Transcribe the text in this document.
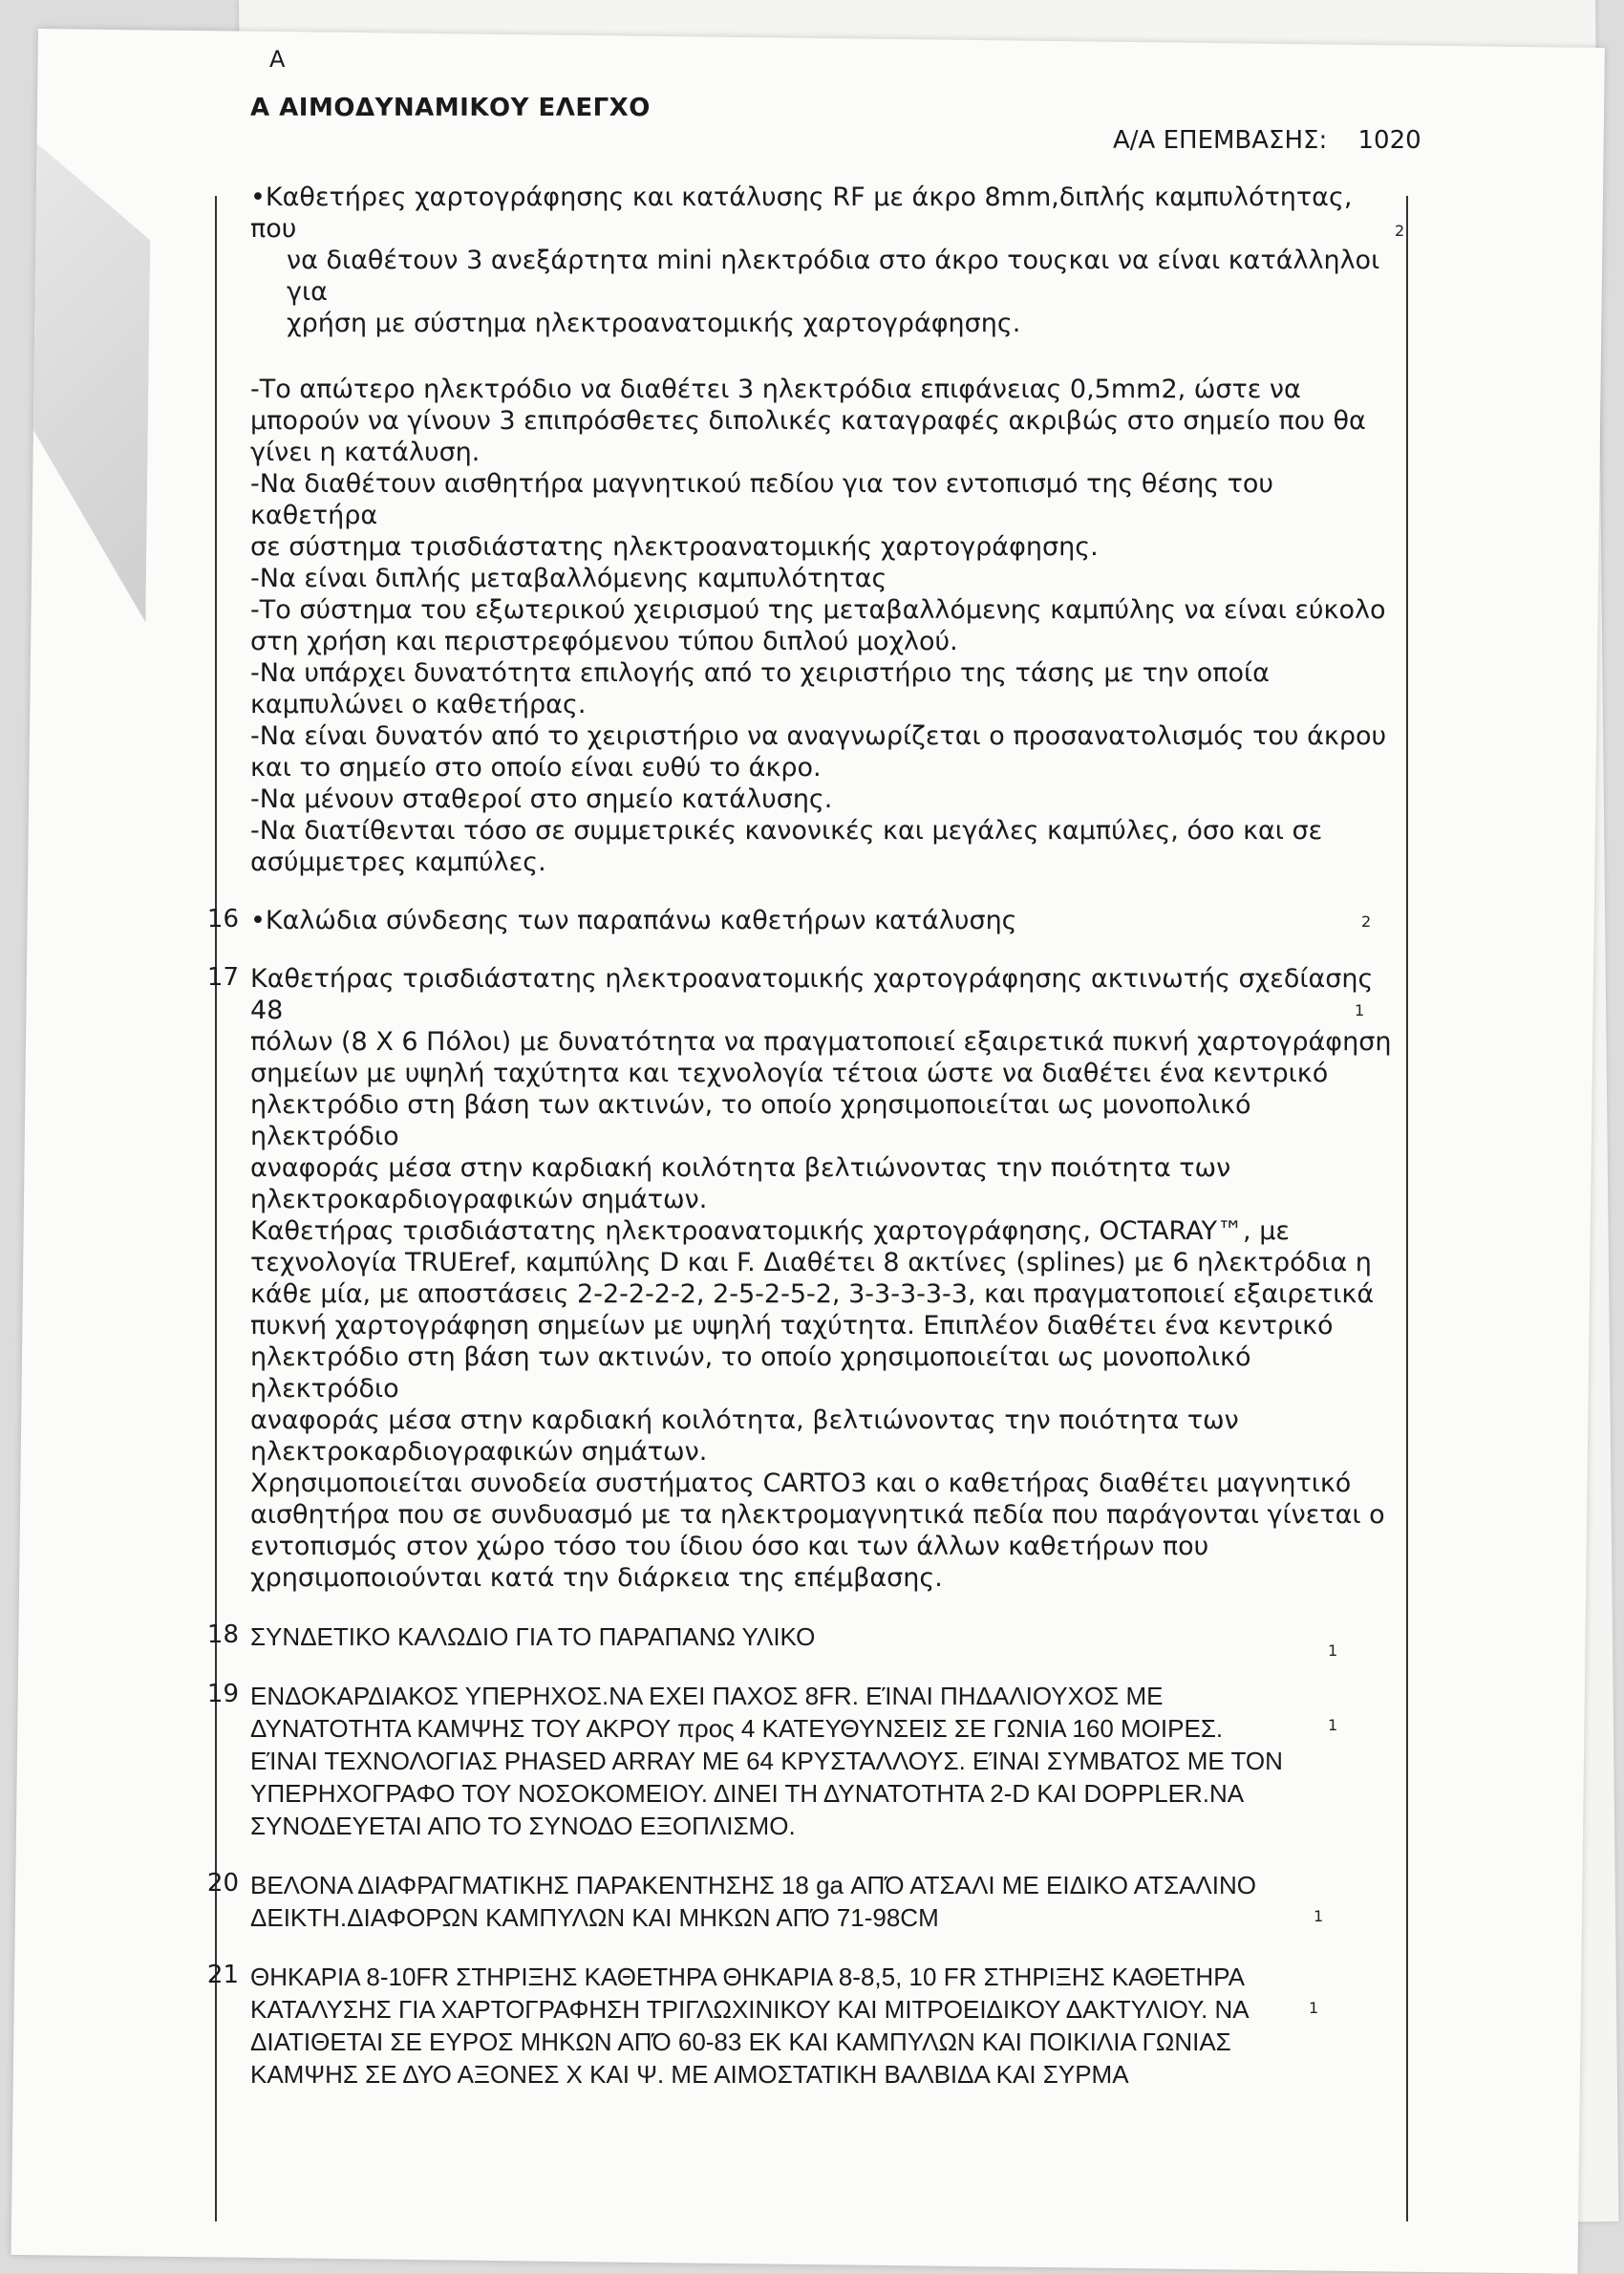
A
Α ΑΙΜΟΔΥΝΑΜΙΚΟΥ ΕΛΕΓΧΟ
Α/Α ΕΠΕΜΒΑΣΗΣ: 1020
2
•Καθετήρες χαρτογράφησης και κατάλυσης RF με άκρο 8mm,διπλής καμπυλότητας, που
να διαθέτουν 3 ανεξάρτητα mini ηλεκτρόδια στο άκρο τουςκαι να είναι κατάλληλοι για
χρήση με σύστημα ηλεκτροανατομικής χαρτογράφησης.
-Το απώτερο ηλεκτρόδιο να διαθέτει 3 ηλεκτρόδια επιφάνειας 0,5mm2, ώστε να
μπορούν να γίνουν 3 επιπρόσθετες διπολικές καταγραφές ακριβώς στο σημείο που θα
γίνει η κατάλυση.
-Να διαθέτουν αισθητήρα μαγνητικού πεδίου για τον εντοπισμό της θέσης του καθετήρα
σε σύστημα τρισδιάστατης ηλεκτροανατομικής χαρτογράφησης.
-Να είναι διπλής μεταβαλλόμενης καμπυλότητας
-Το σύστημα του εξωτερικού χειρισμού της μεταβαλλόμενης καμπύλης να είναι εύκολο
στη χρήση και περιστρεφόμενου τύπου διπλού μοχλού.
-Να υπάρχει δυνατότητα επιλογής από το χειριστήριο της τάσης με την οποία
καμπυλώνει ο καθετήρας.
-Να είναι δυνατόν από το χειριστήριο να αναγνωρίζεται ο προσανατολισμός του άκρου
και το σημείο στο οποίο είναι ευθύ το άκρο.
-Να μένουν σταθεροί στο σημείο κατάλυσης.
-Να διατίθενται τόσο σε συμμετρικές κανονικές και μεγάλες καμπύλες, όσο και σε
ασύμμετρες καμπύλες.
2
16 •Καλώδια σύνδεσης των παραπάνω καθετήρων κατάλυσης
1
17 Καθετήρας τρισδιάστατης ηλεκτροανατομικής χαρτογράφησης ακτινωτής σχεδίασης 48
πόλων (8 Χ 6 Πόλοι) με δυνατότητα να πραγματοποιεί εξαιρετικά πυκνή χαρτογράφηση
σημείων με υψηλή ταχύτητα και τεχνολογία τέτοια ώστε να διαθέτει ένα κεντρικό
ηλεκτρόδιο στη βάση των ακτινών, το οποίο χρησιμοποιείται ως μονοπολικό ηλεκτρόδιο
αναφοράς μέσα στην καρδιακή κοιλότητα βελτιώνοντας την ποιότητα των
ηλεκτροκαρδιογραφικών σημάτων.
Καθετήρας τρισδιάστατης ηλεκτροανατομικής χαρτογράφησης, OCTARAY™, με
τεχνολογία TRUEref, καμπύλης D και F. Διαθέτει 8 ακτίνες (splines) με 6 ηλεκτρόδια η
κάθε μία, με αποστάσεις 2-2-2-2-2, 2-5-2-5-2, 3-3-3-3-3, και πραγματοποιεί εξαιρετικά
πυκνή χαρτογράφηση σημείων με υψηλή ταχύτητα. Επιπλέον διαθέτει ένα κεντρικό
ηλεκτρόδιο στη βάση των ακτινών, το οποίο χρησιμοποιείται ως μονοπολικό ηλεκτρόδιο
αναφοράς μέσα στην καρδιακή κοιλότητα, βελτιώνοντας την ποιότητα των
ηλεκτροκαρδιογραφικών σημάτων.
Χρησιμοποιείται συνοδεία συστήματος CARTO3 και ο καθετήρας διαθέτει μαγνητικό
αισθητήρα που σε συνδυασμό με τα ηλεκτρομαγνητικά πεδία που παράγονται γίνεται ο
εντοπισμός στον χώρο τόσο του ίδιου όσο και των άλλων καθετήρων που
χρησιμοποιούνται κατά την διάρκεια της επέμβασης.
1
18 ΣΥΝΔΕΤΙΚΟ ΚΑΛΩΔΙΟ ΓΙΑ ΤΟ ΠΑΡΑΠΑΝΩ ΥΛΙΚΟ
1
19 ΕΝΔΟΚΑΡΔΙΑΚΟΣ ΥΠΕΡΗΧΟΣ.ΝΑ ΕΧΕΙ ΠΑΧΟΣ 8FR. ΕΊΝΑΙ ΠΗΔΑΛΙΟΥΧΟΣ ΜΕ
ΔΥΝΑΤΟΤΗΤΑ ΚΑΜΨΗΣ ΤΟΥ ΑΚΡΟΥ προς 4 ΚΑΤΕΥΘΥΝΣΕΙΣ ΣΕ ΓΩΝΙΑ 160 ΜΟΙΡΕΣ.
ΕΊΝΑΙ ΤΕΧΝΟΛΟΓΙΑΣ PHASED ARRAY ΜΕ 64 ΚΡΥΣΤΑΛΛΟΥΣ. ΕΊΝΑΙ ΣΥΜΒΑΤΟΣ ΜΕ ΤΟΝ
ΥΠΕΡΗΧΟΓΡΑΦΟ ΤΟΥ ΝΟΣΟΚΟΜΕΙΟΥ. ΔΙΝΕΙ ΤΗ ΔΥΝΑΤΟΤΗΤΑ 2-D ΚΑΙ DOPPLER.ΝΑ
ΣΥΝΟΔΕΥΕΤΑΙ ΑΠΟ ΤΟ ΣΥΝΟΔΟ ΕΞΟΠΛΙΣΜΟ.
1
20 ΒΕΛΟΝΑ ΔΙΑΦΡΑΓΜΑΤΙΚΗΣ ΠΑΡΑΚΕΝΤΗΣΗΣ 18 ga ΑΠΌ ΑΤΣΑΛΙ ΜΕ ΕΙΔΙΚΟ ΑΤΣΑΛΙΝΟ
ΔΕΙΚΤΗ.ΔΙΑΦΟΡΩΝ ΚΑΜΠΥΛΩΝ ΚΑΙ ΜΗΚΩΝ ΑΠΌ 71-98CM
1
21 ΘΗΚΑΡΙΑ 8-10FR ΣΤΗΡΙΞΗΣ ΚΑΘΕΤΗΡΑ ΘΗΚΑΡΙΑ 8-8,5, 10 FR ΣΤΗΡΙΞΗΣ ΚΑΘΕΤΗΡΑ
ΚΑΤΑΛΥΣΗΣ ΓΙΑ ΧΑΡΤΟΓΡΑΦΗΣΗ ΤΡΙΓΛΩΧΙΝΙΚΟΥ ΚΑΙ ΜΙΤΡΟΕΙΔΙΚΟΥ ΔΑΚΤΥΛΙΟΥ. ΝΑ
ΔΙΑΤΙΘΕΤΑΙ ΣΕ ΕΥΡΟΣ ΜΗΚΩΝ ΑΠΌ 60-83 ΕΚ ΚΑΙ ΚΑΜΠΥΛΩΝ ΚΑΙ ΠΟΙΚΙΛΙΑ ΓΩΝΙΑΣ
ΚΑΜΨΗΣ ΣΕ ΔΥΟ ΑΞΟΝΕΣ Χ ΚΑΙ Ψ. ΜΕ ΑΙΜΟΣΤΑΤΙΚΗ ΒΑΛΒΙΔΑ ΚΑΙ ΣΥΡΜΑ
